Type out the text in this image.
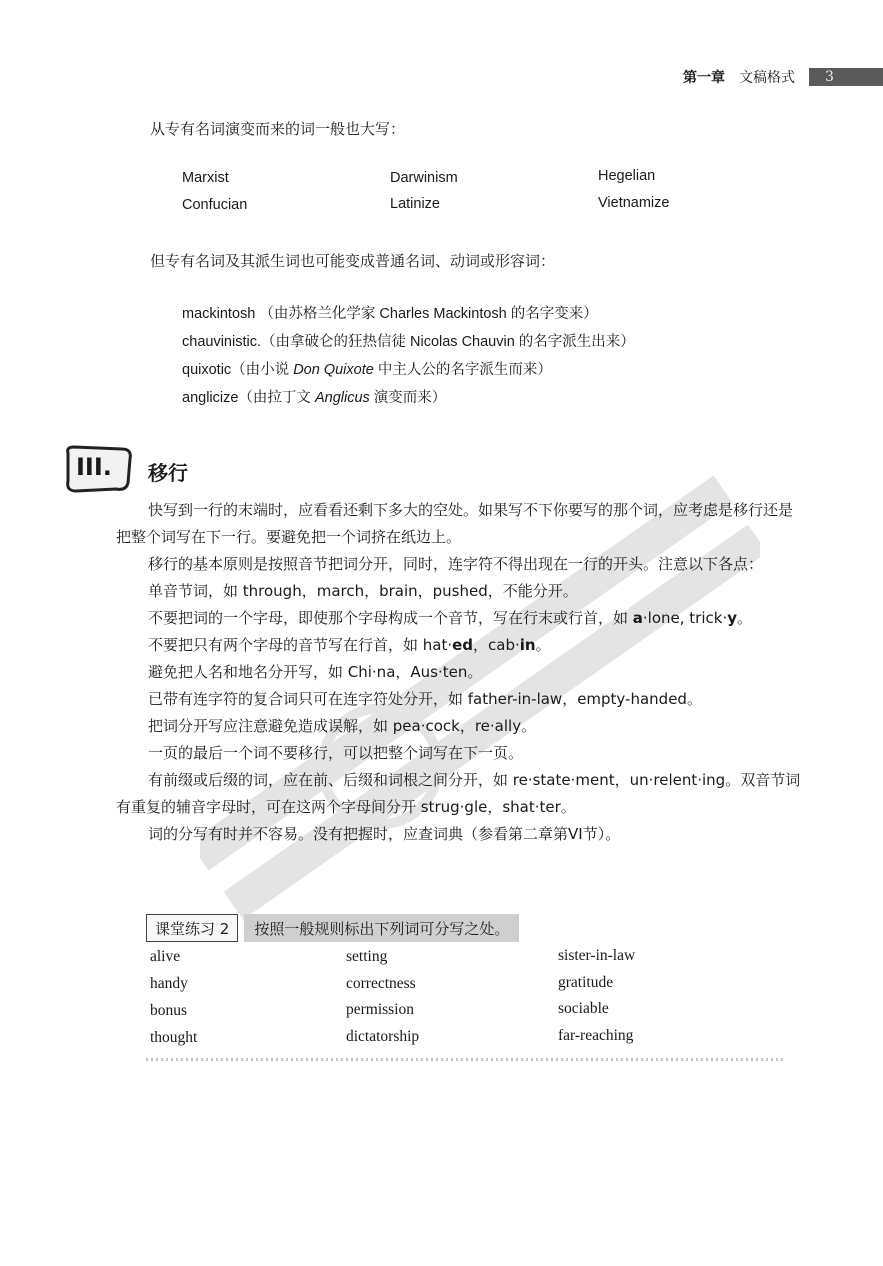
第一章 文稿格式	3
从专有名词演变而来的词一般也大写：
Marxist	Darwinism	Hegelian
Confucian	Latinize	Vietnamize
但专有名词及其派生词也可能变成普通名词、动词或形容词：
mackintosh （由苏格兰化学家 Charles Mackintosh 的名字变来）
chauvinistic.（由拿破仑的狂热信徒 Nicolas Chauvin 的名字派生出来）
quixotic（由小说 Don Quixote 中主人公的名字派生而来）
anglicize（由拉丁文 Anglicus 演变而来）
III. 移行

快写到一行的末端时，应看看还剩下多大的空处。如果写不下你要写的那个词，应考虑是移行还是把整个词写在下一行。要避免把一个词挤在纸边上。

移行的基本原则是按照音节把词分开，同时，连字符不得出现在一行的开头。注意以下各点：

单音节词，如 through，march，brain，pushed，不能分开。

不要把词的一个字母，即使那个字母构成一个音节，写在行末或行首，如 a·lone, trick·y。

不要把只有两个字母的音节写在行首，如 hat·ed，cab·in。

避免把人名和地名分开写，如 Chi·na，Aus·ten。

已带有连字符的复合词只可在连字符处分开，如 father-in-law，empty-handed。

把词分开写应注意避免造成误解，如 pea·cock，re·ally。

一页的最后一个词不要移行，可以把整个词写在下一页。

有前缀或后缀的词，应在前、后缀和词根之间分开，如 re·state·ment，un·relent·ing。双音节词有重复的辅音字母时，可在这两个字母间分开 strug·gle，shat·ter。

词的分写有时并不容易。没有把握时，应查词典（参看第二章第VI节）。

课堂练习 2	按照一般规则标出下列词可分写之处。
alive	setting	sister-in-law
handy	correctness	gratitude
bonus	permission	sociable
thought	dictatorship	far-reaching
